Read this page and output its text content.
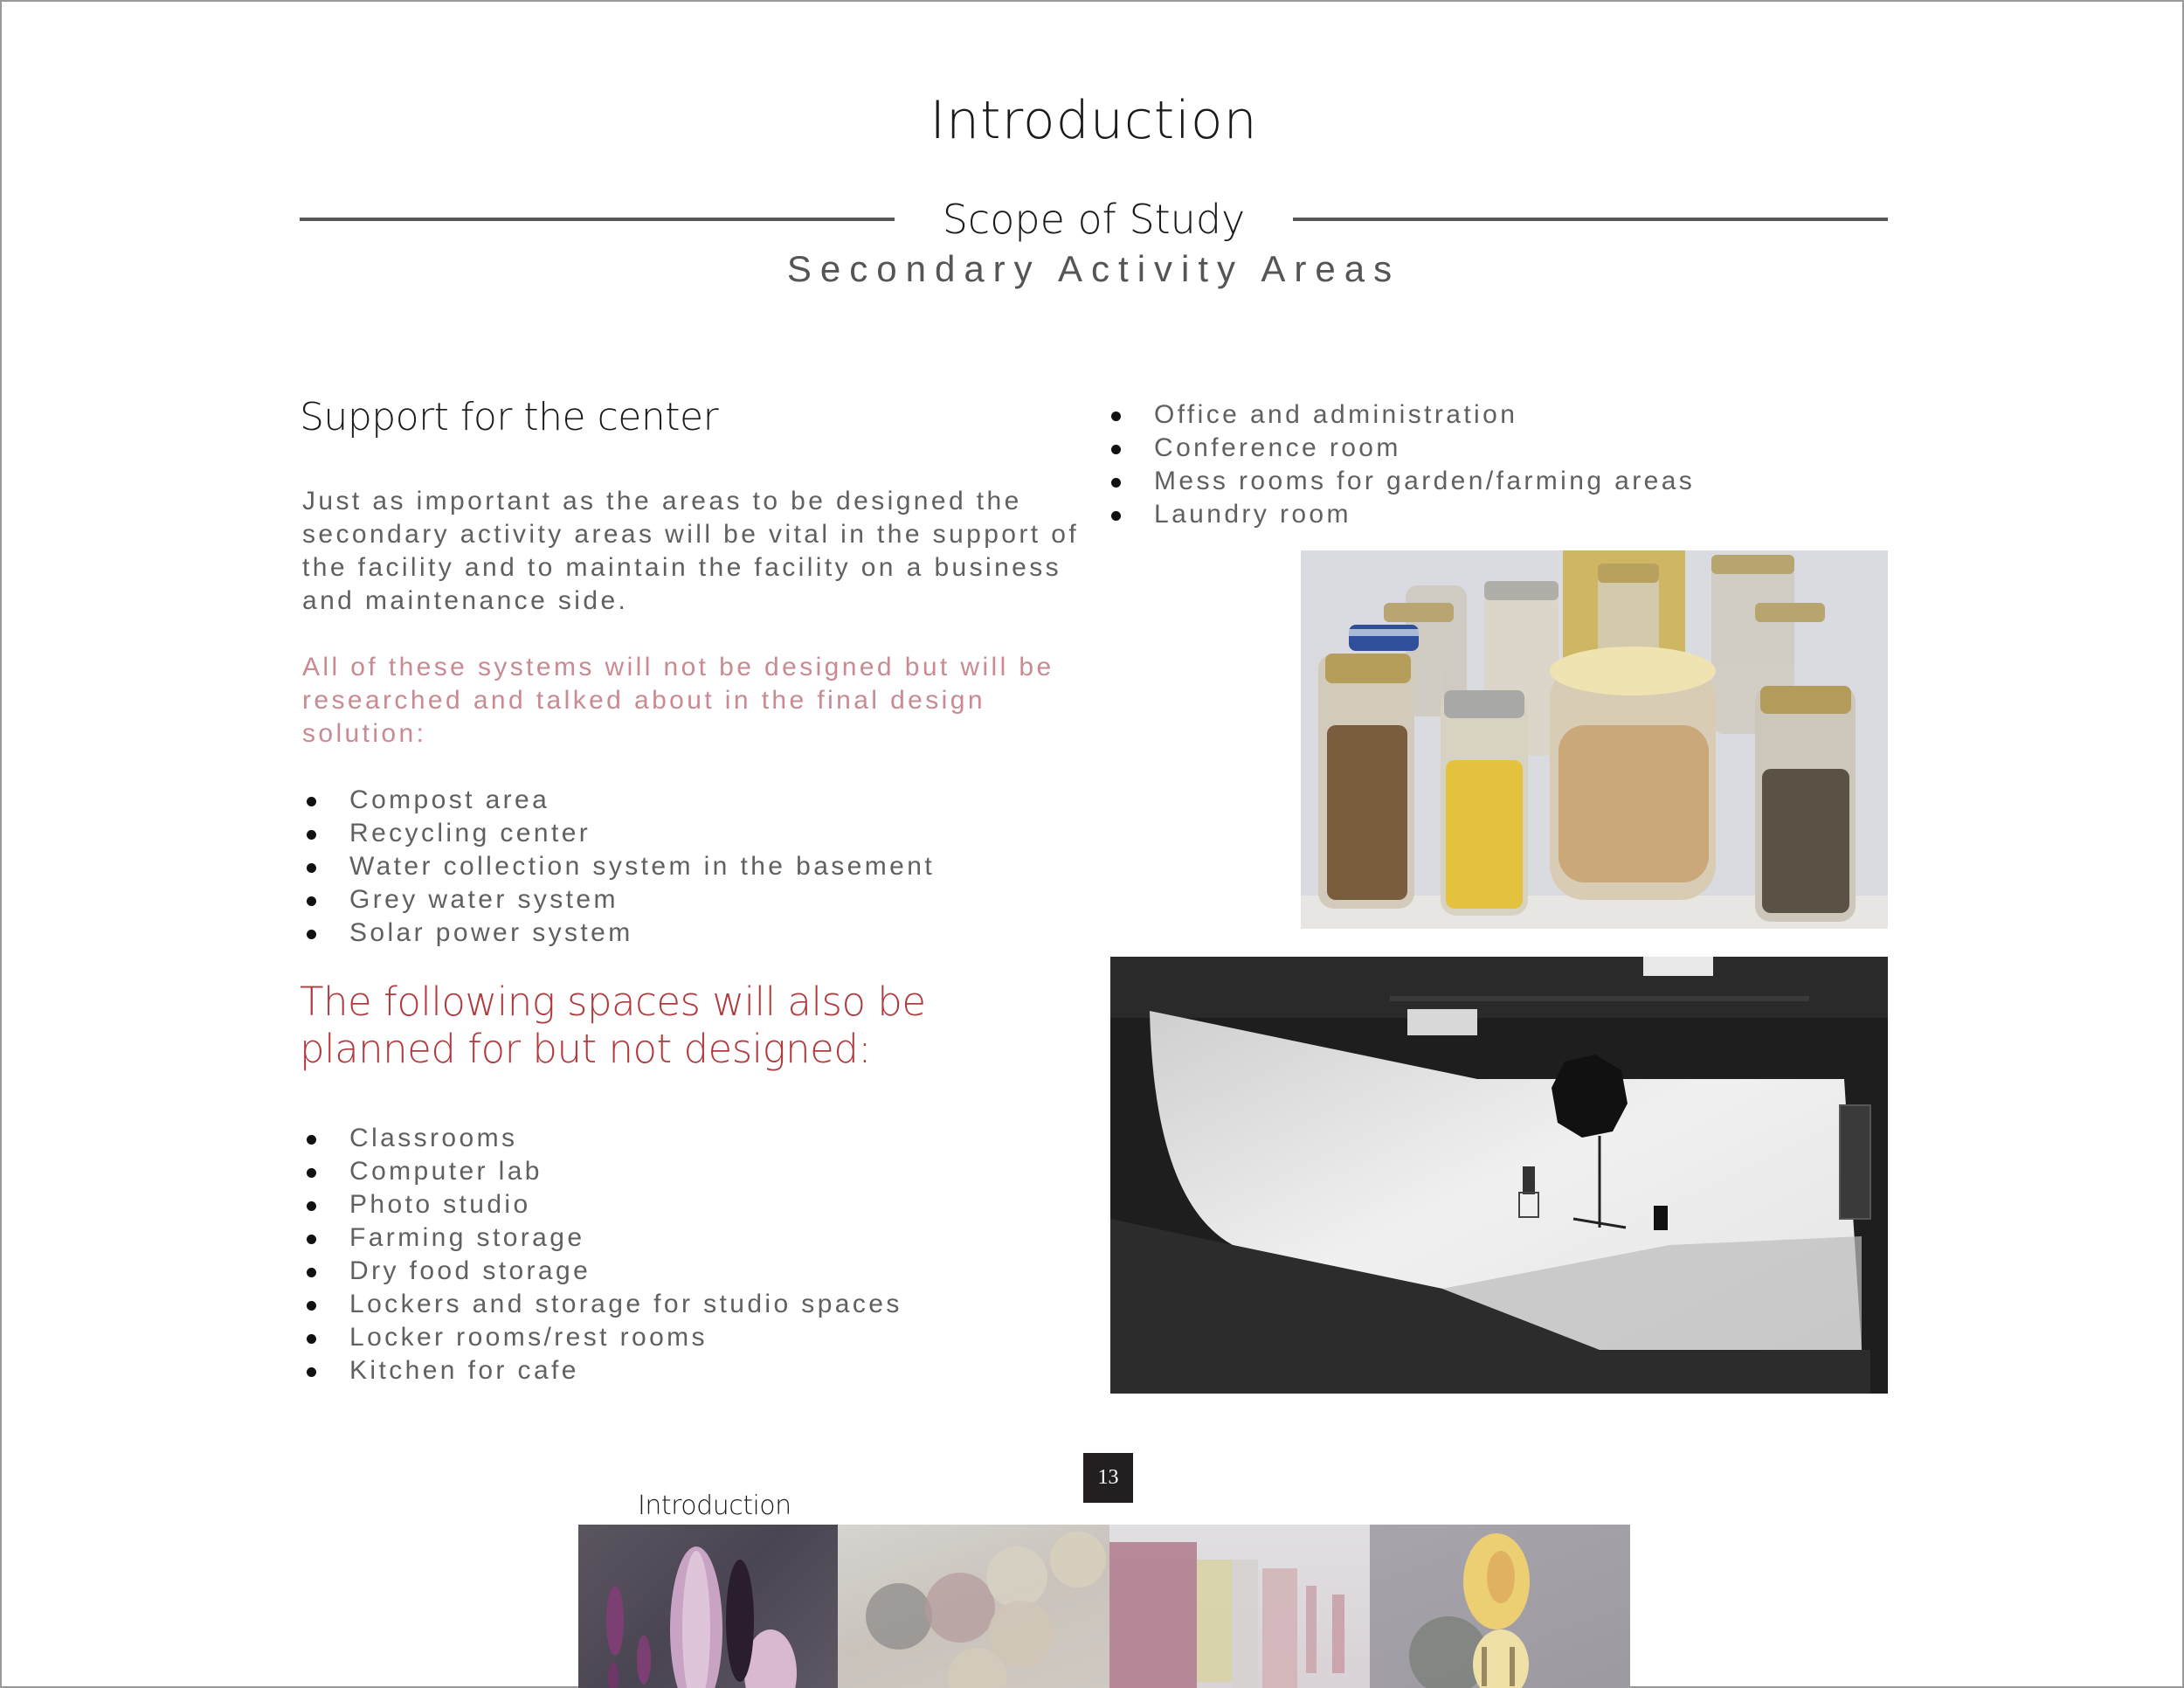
Introduction
Scope of Study
Secondary Activity Areas
Support for the center
Just as important as the areas to be designed the secondary activity areas will be vital in the support of the facility and to maintain the facility on a business and maintenance side.
All of these systems will not be designed but will be researched and talked about in the final design solution:
Compost area
Recycling center
Water collection system in the basement
Grey water system
Solar power system
The following spaces will also be planned for but not designed:
Classrooms
Computer lab
Photo studio
Farming storage
Dry food storage
Lockers and storage for studio spaces
Locker rooms/rest rooms
Kitchen for cafe
Office and administration
Conference room
Mess rooms for garden/farming areas
Laundry room
13
Introduction
